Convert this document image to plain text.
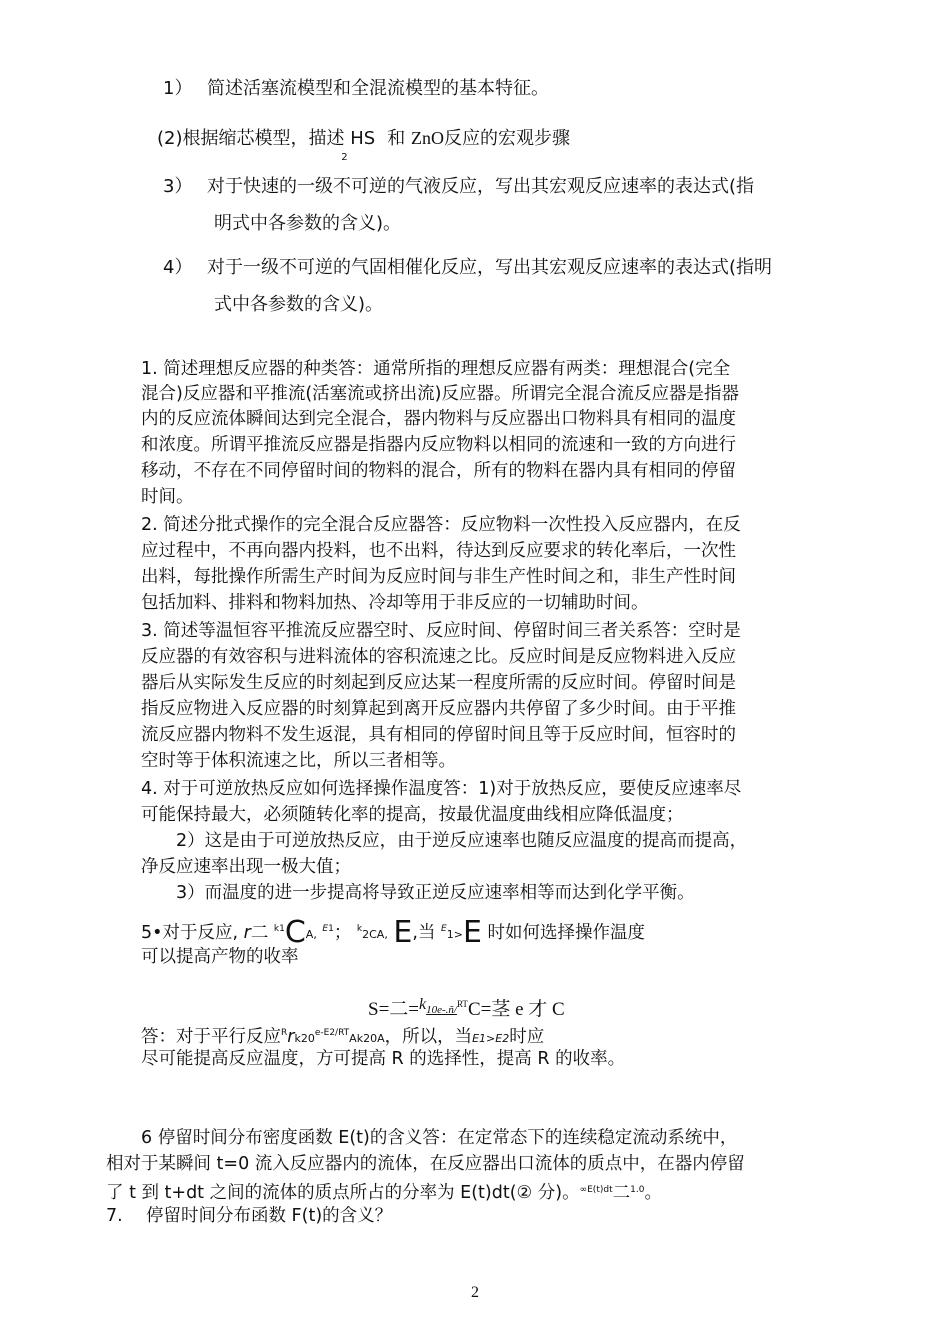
1） 简述活塞流模型和全混流模型的基本特征。
(2)根据缩芯模型，描述 $HS_2$ 和 ZnO反应的宏观步骤
3） 对于快速的一级不可逆的气液反应，写出其宏观反应速率的表达式(指
明式中各参数的含义)。
4） 对于一级不可逆的气固相催化反应，写出其宏观反应速率的表达式(指明
式中各参数的含义)。
1. 简述理想反应器的种类答：通常所指的理想反应器有两类：理想混合(完全
混合)反应器和平推流(活塞流或挤出流)反应器。所谓完全混合流反应器是指器
内的反应流体瞬间达到完全混合，器内物料与反应器出口物料具有相同的温度
和浓度。所谓平推流反应器是指器内反应物料以相同的流速和一致的方向进行
移动，不存在不同停留时间的物料的混合，所有的物料在器内具有相同的停留
时间。
2. 简述分批式操作的完全混合反应器答：反应物料一次性投入反应器内，在反
应过程中，不再向器内投料，也不出料，待达到反应要求的转化率后，一次性
出料，每批操作所需生产时间为反应时间与非生产性时间之和，非生产性时间
包括加料、排料和物料加热、冷却等用于非反应的一切辅助时间。
3. 简述等温恒容平推流反应器空时、反应时间、停留时间三者关系答：空时是
反应器的有效容积与进料流体的容积流速之比。反应时间是反应物料进入反应
器后从实际发生反应的时刻起到反应达某一程度所需的反应时间。停留时间是
指反应物进入反应器的时刻算起到离开反应器内共停留了多少时间。由于平推
流反应器内物料不发生返混，具有相同的停留时间且等于反应时间，恒容时的
空时等于体积流速之比，所以三者相等。
4. 对于可逆放热反应如何选择操作温度答：1)对于放热反应，要使反应速率尽
可能保持最大，必须随转化率的提高，按最优温度曲线相应降低温度；
2）这是由于可逆放热反应，由于逆反应速率也随反应温度的提高而提高，
净反应速率出现一极大值；
3）而温度的进一步提高将导致正逆反应速率相等而达到化学平衡。
5•对于反应, r二 $^{k1}$CA, $^{E1}$； $^k$2CA, E,当 $^E$1>E 时如何选择操作温度
可以提高产物的收率
S=二=$^k$10e-.ñ/$^{RT}$C=茎 e 才 C
答：对于平行反应$^Rrk20^{e-E2/RT}Ak20A$，所以，当E1>E2时应
尽可能提高反应温度，方可提高 R 的选择性，提高 R 的收率。
6 停留时间分布密度函数 E(t)的含义答：在定常态下的连续稳定流动系统中，
相对于某瞬间 t=0 流入反应器内的流体，在反应器出口流体的质点中，在器内停留
了 t 到 t+dt 之间的流体的质点所占的分率为 E(t)dt(② 分)。$^{\infty E(t)dt}$二$^{1.0}$。
7. 停留时间分布函数 F(t)的含义？
2
